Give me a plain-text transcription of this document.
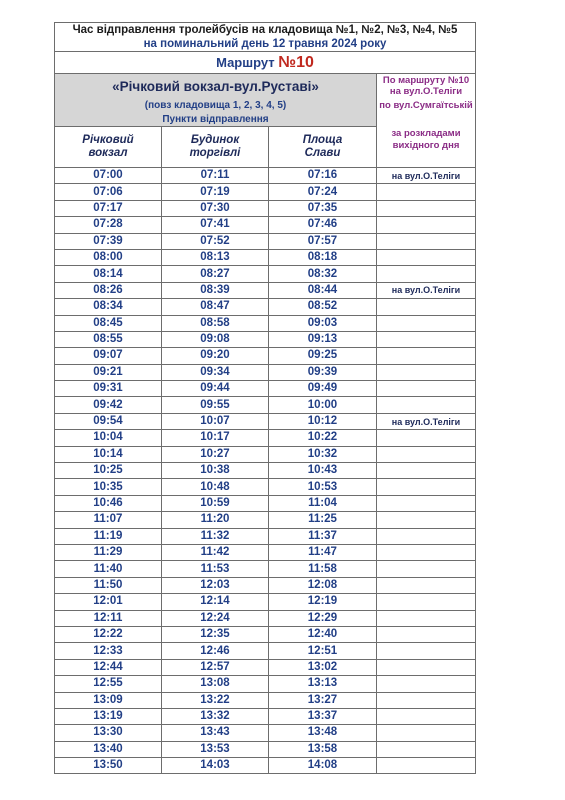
Час відправлення тролейбусів на кладовища №1, №2, №3, №4, №5			
на поминальний день 12 травня 2024 року			
Маршрут №10			
«Річковий вокзал-вул.Руставі»			По маршруту №10 на вул.О.Теліги
(повз кладовища 1, 2, 3, 4, 5)			по вул.Сумгаїтській
Пункти відправлення			за розкладами вихідного дня
Річковий	Будинок	Площа	
вокзал	торгівлі	Слави	
07:00	07:11	07:16	на вул.О.Теліги
07:06	07:19	07:24	
07:17	07:30	07:35	
07:28	07:41	07:46	
07:39	07:52	07:57	
08:00	08:13	08:18	
08:14	08:27	08:32	
08:26	08:39	08:44	на вул.О.Теліги
08:34	08:47	08:52	
08:45	08:58	09:03	
08:55	09:08	09:13	
09:07	09:20	09:25	
09:21	09:34	09:39	
09:31	09:44	09:49	
09:42	09:55	10:00	
09:54	10:07	10:12	на вул.О.Теліги
10:04	10:17	10:22	
10:14	10:27	10:32	
10:25	10:38	10:43	
10:35	10:48	10:53	
10:46	10:59	11:04	
11:07	11:20	11:25	
11:19	11:32	11:37	
11:29	11:42	11:47	
11:40	11:53	11:58	
11:50	12:03	12:08	
12:01	12:14	12:19	
12:11	12:24	12:29	
12:22	12:35	12:40	
12:33	12:46	12:51	
12:44	12:57	13:02	
12:55	13:08	13:13	
13:09	13:22	13:27	
13:19	13:32	13:37	
13:30	13:43	13:48	
13:40	13:53	13:58	
13:50	14:03	14:08	
